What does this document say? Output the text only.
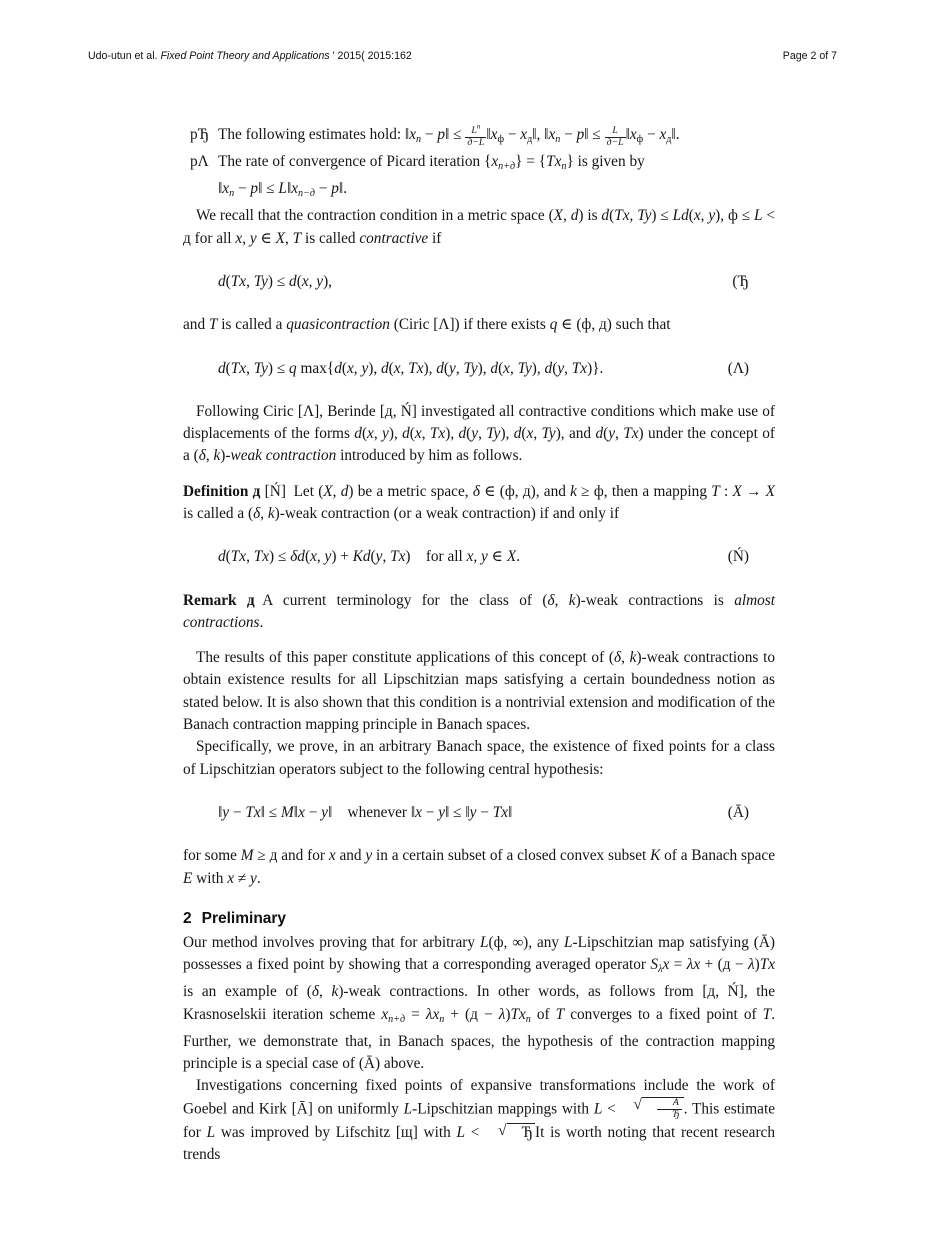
Udo-utun et al. Fixed Point Theory and Applications ' 2015( 2015:162	Page 2 of 7
pЂ The following estimates hold: ‖xn − p‖ ≤ $\frac{L^n}{д-L}$ ‖xф − xд‖, ‖xn − p‖ ≤ $\frac{L}{д-L}$ ‖xф − xд‖.
pΛ The rate of convergence of Picard iteration {xn+д} = {Txn} is given by
‖xn − p‖ ≤ L‖xn−д − p‖.

We recall that the contraction condition in a metric space (X, d) is d(Tx, Ty) ≤ Ld(x, y), ф ≤ L < д for all x, y ∈ X, T is called contractive if

d(Tx, Ty) ≤ d(x, y),	(Ђ

and T is called a quasicontraction (Ciric [Λ]) if there exists q ∈ (ф, д) such that

d(Tx, Ty) ≤ q max{d(x, y), d(x, Tx), d(y, Ty), d(x, Ty), d(y, Tx)}.	(Λ)

Following Ciric [Λ], Berinde [д, Ń] investigated all contractive conditions which make use of displacements of the forms d(x, y), d(x, Tx), d(y, Ty), d(x, Ty), and d(y, Tx) under the concept of a (δ, k)-weak contraction introduced by him as follows.

Definition д [Ń] Let (X, d) be a metric space, δ ∈ (ф, д), and k ≥ ф, then a mapping T : X → X is called a (δ, k)-weak contraction (or a weak contraction) if and only if

d(Tx, Tx) ≤ δd(x, y) + Kd(y, Tx) for all x, y ∈ X.	(Ń)

Remark д A current terminology for the class of (δ, k)-weak contractions is almost contractions.

The results of this paper constitute applications of this concept of (δ, k)-weak contractions to obtain existence results for all Lipschitzian maps satisfying a certain boundedness notion as stated below. It is also shown that this condition is a nontrivial extension and modification of the Banach contraction mapping principle in Banach spaces.

Specifically, we prove, in an arbitrary Banach space, the existence of fixed points for a class of Lipschitzian operators subject to the following central hypothesis:

‖y − Tx‖ ≤ M‖x − y‖ whenever ‖x − y‖ ≤ ‖y − Tx‖	(Ā)

for some M ≥ д and for x and y in a certain subset of a closed convex subset K of a Banach space E with x ≠ y.

2 Preliminary

Our method involves proving that for arbitrary L(ф, ∞), any L-Lipschitzian map satisfying (Ā) possesses a fixed point by showing that a corresponding averaged operator Sλx = λx + (д − λ)Tx is an example of (δ, k)-weak contractions. In other words, as follows from [д, Ń], the Krasnoselskii iteration scheme xn+д = λxn + (д − λ)Txn of T converges to a fixed point of T. Further, we demonstrate that, in Banach spaces, the hypothesis of the contraction mapping principle is a special case of (Ā) above.

Investigations concerning fixed points of expansive transformations include the work of Goebel and Kirk [Ā] on uniformly L-Lipschitzian mappings with L < √ $\frac{Ā}{Ђ}$ . This estimate for L was improved by Lifschitz [щ] with L < √ Ђ It is worth noting that recent research trends
